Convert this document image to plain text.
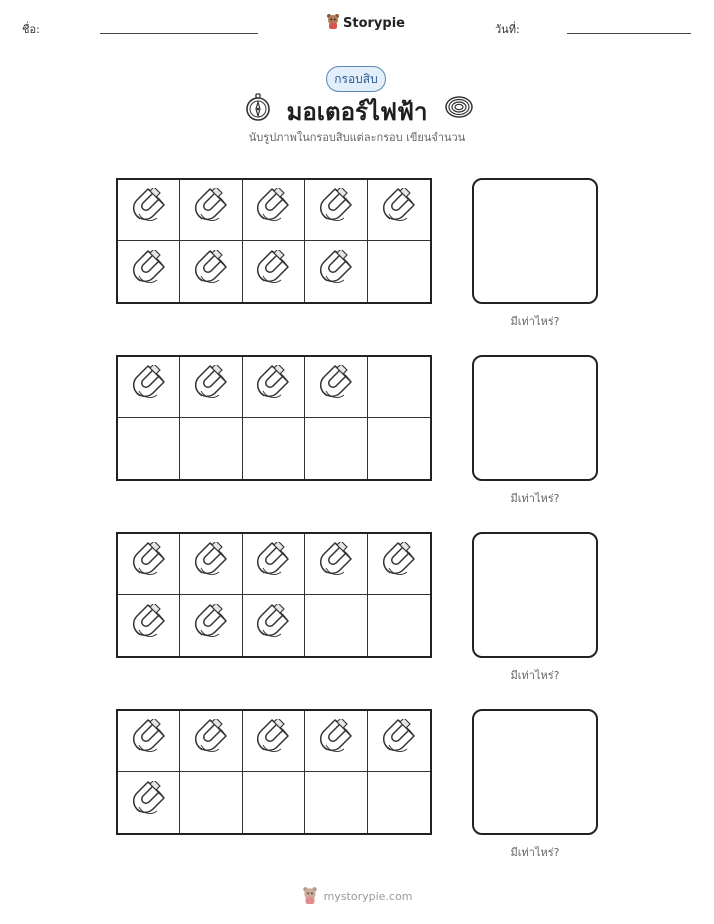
ชื่อ:	Storypie	วันที่:
กรอบสิบ
มอเตอร์ไฟฟ้า
นับรูปภาพในกรอบสิบแต่ละกรอบ เขียนจำนวน
มีเท่าไหร่?
มีเท่าไหร่?
มีเท่าไหร่?
มีเท่าไหร่?
mystorypie.com
